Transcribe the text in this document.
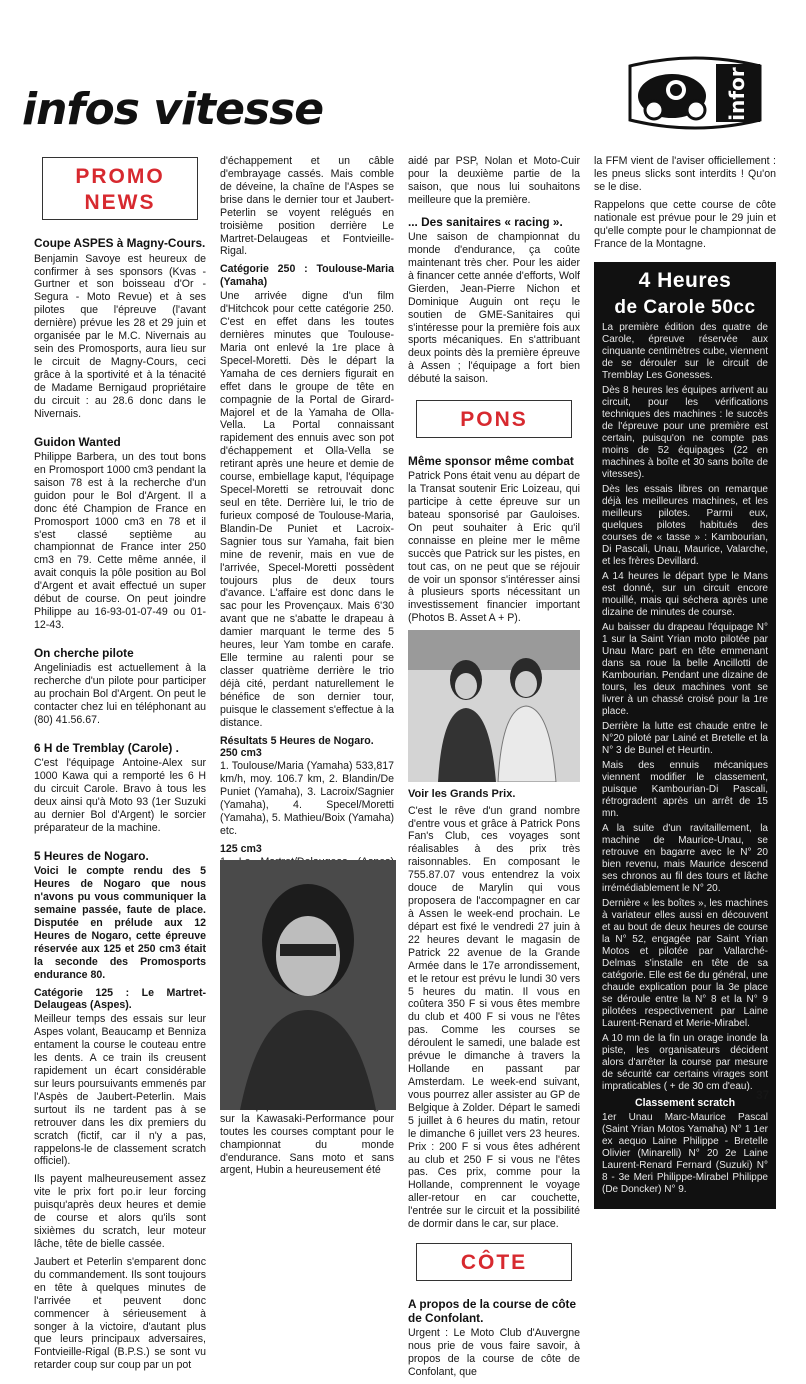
infos vitesse	infor
PROMO NEWS
Coupe ASPES à Magny-Cours.

Benjamin Savoye est heureux de confirmer à ses sponsors (Kvas - Gurtner et son boisseau d'Or - Segura - Moto Revue) et à ses pilotes que l'épreuve (l'avant dernière) prévue les 28 et 29 juin et organisée par le M.C. Nivernais au sein des Promosports, aura lieu sur le circuit de Magny-Cours, ceci grâce à la sportivité et à la ténacité de Madame Bernigaud propriétaire du circuit : au 28.6 donc dans le Nivernais.

Guidon Wanted

Philippe Barbera, un des tout bons en Promosport 1000 cm3 pendant la saison 78 est à la recherche d'un guidon pour le Bol d'Argent. Il a donc été Champion de France en Promosport 1000 cm3 en 78 et il s'est classé septième au championnat de France inter 250 cm3 en 79. Cette même année, il avait conquis la pôle position au Bol d'Argent et avait effectué un super début de course. On peut joindre Philippe au 16-93-01-07-49 ou 01-12-43.

On cherche pilote

Angeliniadis est actuellement à la recherche d'un pilote pour participer au prochain Bol d'Argent. On peut le contacter chez lui en téléphonant au (80) 41.56.67.

6 H de Tremblay (Carole) .

C'est l'équipage Antoine-Alex sur 1000 Kawa qui a remporté les 6 H du circuit Carole. Bravo à tous les deux ainsi qu'à Moto 93 (1er Suzuki au dernier Bol d'Argent) le sorcier préparateur de la machine.

5 Heures de Nogaro.

Voici le compte rendu des 5 Heures de Nogaro que nous n'avons pu vous communiquer la semaine passée, faute de place. Disputée en prélude aux 12 Heures de Nogaro, cette épreuve réservée aux 125 et 250 cm3 était la seconde des Promosports endurance 80.

Catégorie 125 : Le Martret-Delaugeas (Aspes).

Meilleur temps des essais sur leur Aspes volant, Beaucamp et Benniza entament la course le couteau entre les dents. A ce train ils creusent rapidement un écart considérable sur leurs poursuivants emmenés par l'Aspès de Jaubert-Peterlin. Mais surtout ils ne tardent pas à se retrouver dans les dix premiers du scratch (fictif, car il n'y a pas, rappelons-le de classement scratch officiel).

Ils payent malheureusement assez vite le prix fort po.ir leur forcing puisqu'après deux heures et demie de course et alors qu'ils sont sixièmes du scratch, leur moteur lâche, tête de bielle cassée.

Jaubert et Peterlin s'emparent donc du commandement. Ils sont toujours en tête à quelques minutes de l'arrivée et peuvent donc commencer à sérieusement à songer à la victoire, d'autant plus que leurs principaux adversaires, Fontvieille-Rigal (B.P.S.) se sont vu retarder coup sur coup par un pot

d'échappement et un câble d'embrayage cassés. Mais comble de déveine, la chaîne de l'Aspes se brise dans le dernier tour et Jaubert-Peterlin se voyent relégués en troisième position derrière Le Martret-Delaugeas et Fontvieille-Rigal.

Catégorie 250 : Toulouse-Maria (Yamaha)

Une arrivée digne d'un film d'Hitchcok pour cette catégorie 250. C'est en effet dans les toutes dernières minutes que Toulouse-Maria ont enlevé la 1re place à Specel-Moretti. Dès le départ la Yamaha de ces derniers figurait en effet dans le groupe de tête en compagnie de la Portal de Girard-Majorel et de la Yamaha de Olla-Vella. La Portal connaissant rapidement des ennuis avec son pot d'échappement et Olla-Vella se retirant après une heure et demie de course, embiellage kaput, l'équipage Specel-Moretti se retrouvait donc seul en tête. Derrière lui, le trio de furieux composé de Toulouse-Maria, Blandin-De Puniet et Lacroix-Sagnier tous sur Yamaha, fait bien mine de revenir, mais en vue de l'arrivée, Specel-Moretti possèdent toujours plus de deux tours d'avance. L'affaire est donc dans le sac pour les Provençaux. Mais 6'30 avant que ne s'abatte le drapeau à damier marquant le terme des 5 heures, leur Yam tombe en carafe. Elle termine au ralenti pour se classer quatrième derrière le trio déjà cité, perdant naturellement le bénéfice de son dernier tour, puisque le classement s'effectue à la distance.

Résultats 5 Heures de Nogaro.

250 cm3

1. Toulouse/Maria (Yamaha) 533,817 km/h, moy. 106.7 km, 2. Blandin/De Puniet (Yamaha), 3. Lacroix/Sagnier (Yamaha), 4. Specel/Moretti (Yamaha), 5. Mathieu/Boix (Yamaha) etc.

125 cm3

sur la Kawasaki-Performance pour toutes les courses comptant pour le championnat du monde d'endurance. Sans moto et sans argent, Hubin a heureusement été

aidé par PSP, Nolan et Moto-Cuir pour la deuxième partie de la saison, que nous lui souhaitons meilleure que la première.

... Des sanitaires « racing ».

Une saison de championnat du monde d'endurance, ça coûte maintenant très cher. Pour les aider à financer cette année d'efforts, Wolf Gierden, Jean-Pierre Nichon et Dominique Auguin ont reçu le soutien de GME-Sanitaires qui s'intéresse pour la première fois aux sports mécaniques. En s'attribuant deux points dès la première épreuve à Assen ; l'équipage a fort bien débuté la saison.

PONS
Même sponsor même combat

Patrick Pons était venu au départ de la Transat soutenir Eric Loizeau, qui participe à cette épreuve sur un bateau sponsorisé par Gauloises. On peut souhaiter à Eric qu'il connaisse en pleine mer le même succès que Patrick sur les pistes, en tout cas, on ne peut que se réjouir de voir un sponsor s'intéresser ainsi à plusieurs sports nécessitant un investissement financier important (Photos B. Asset A + P).

Voir les Grands Prix.

C'est le rêve d'un grand nombre d'entre vous et grâce à Patrick Pons Fan's Club, ces voyages sont réalisables à des prix très raisonnables. En composant le 755.87.07 vous entendrez la voix douce de Marylin qui vous proposera de l'accompagner en car à Assen le week-end prochain. Le départ est fixé le vendredi 27 juin à 22 heures devant le magasin de Patrick 22 avenue de la Grande Armée dans le 17e arrondissement, et le retour est prévu le lundi 30 vers 5 heures du matin. Il vous en coûtera 350 F si vous êtes membre du club et 400 F si vous ne l'êtes pas. Comme les courses se déroulent le samedi, une balade est prévue le dimanche à travers la Hollande en passant par Amsterdam. Le week-end suivant, vous pourrez aller assister au GP de Belgique à Zolder. Départ le samedi 5 juillet à 6 heures du matin, retour le dimanche 6 juillet vers 23 heures. Prix : 200 F si vous êtes adhérent au club et 250 F si vous ne l'êtes pas. Ces prix, comme pour la Hollande, comprennent le voyage aller-retour en car couchette, l'entrée sur le circuit et la possibilité de dormir dans le car, sur place.

CÔTE
A propos de la course de côte de Confolant.

Urgent : Le Moto Club d'Auvergne nous prie de vous faire savoir, à propos de la course de côte de Confolant, que

la FFM vient de l'aviser officiellement : les pneus slicks sont interdits ! Qu'on se le dise.

Rappelons que cette course de côte nationale est prévue pour le 29 juin et qu'elle compte pour le championnat de France de la Montagne.

4 Heures
de Carole 50cc

La première édition des quatre de Carole, épreuve réservée aux cinquante centimètres cube, viennent de se dérouler sur le circuit de Tremblay Les Gonesses.

Dès 8 heures les équipes arrivent au circuit, pour les vérifications techniques des machines : le succès de l'épreuve pour une première est certain, puisqu'on ne compte pas moins de 52 équipages (22 en machines à boîte et 30 sans boîte de vitesses).

Dès les essais libres on remarque déjà les meilleures machines, et les meilleurs pilotes. Parmi eux, quelques pilotes habitués des courses de « tasse » : Kambourian, Di Pascali, Unau, Maurice, Valarche, et les frères Devillard.

A 14 heures le départ type le Mans est donné, sur un circuit encore mouillé, mais qui séchera après une dizaine de minutes de course.

Au baisser du drapeau l'équipage N° 1 sur la Saint Yrian moto pilotée par Unau Marc part en tête emmenant dans sa roue la belle Ancillotti de Kambourian. Pendant une dizaine de tours, les deux machines vont se livrer à un chassé croisé pour la 1re place.

Derrière la lutte est chaude entre le N°20 piloté par Lainé et Bretelle et la N° 3 de Bunel et Heurtin.

Mais des ennuis mécaniques viennent modifier le classement, puisque Kambourian-Di Pascali, rétrogradent après un arrêt de 15 mn.

A la suite d'un ravitaillement, la machine de Maurice-Unau, se retrouve en bagarre avec le N° 20 bien revenu, mais Maurice descend ses chronos au fil des tours et lâche irrémédiablement le N° 20.

Dernière « les boîtes », les machines à variateur elles aussi en découvent et au bout de deux heures de course la N° 52, engagée par Saint Yrian Motos et pilotée par Vallarché-Delmas s'installe en tête de sa catégorie. Elle est 6e du général, une chaude explication pour la 3e place se déroule entre la N° 8 et la N° 9 pilotées respectivement par Laine Laurent-Renard et Merie-Mirabel.

A 10 mn de la fin un orage inonde la piste, les organisateurs décident alors d'arrêter la course par mesure de sécurité car certains virages sont impraticables ( + de 30 cm d'eau).

Classement scratch

1er Unau Marc-Maurice Pascal (Saint Yrian Motos Yamaha) N° 1 1er ex aequo Laine Philippe - Bretelle Olivier (Minarelli) N° 20 2e Laine Laurent-Renard Fernard (Suzuki) N° 8 - 3e Meri Philippe-Mirabel Philippe (De Doncker) N° 9.

37
